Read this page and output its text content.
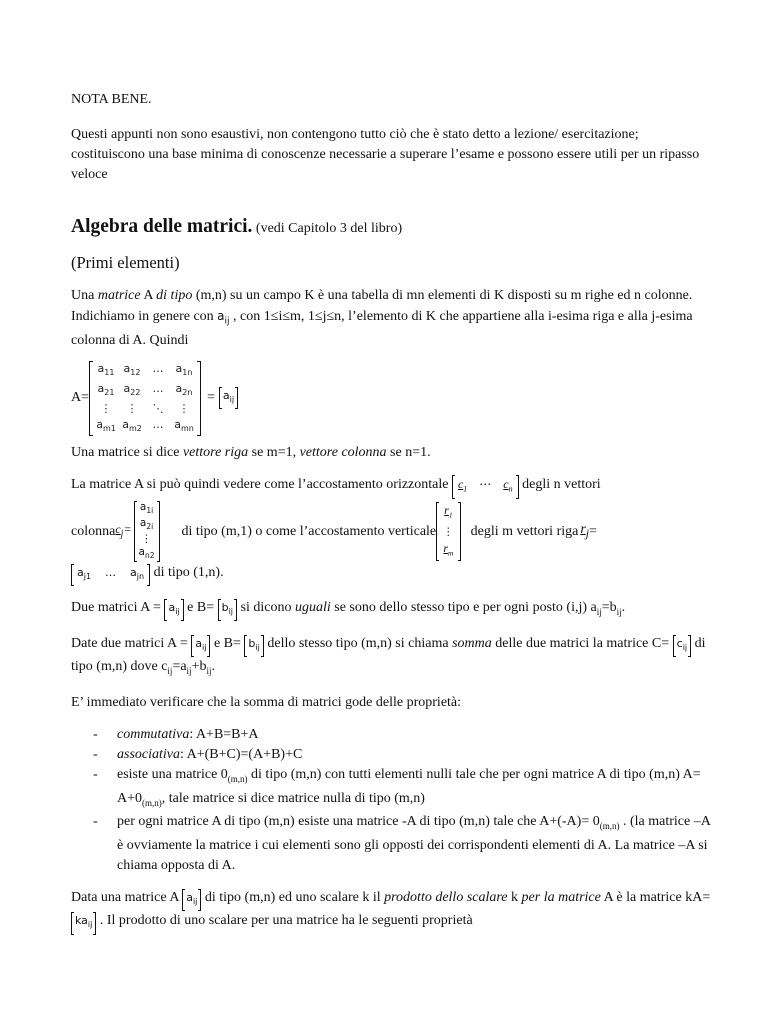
NOTA BENE.

Questi appunti non sono esaustivi, non contengono tutto ciò che è stato detto a lezione/ esercitazione; costituiscono una base minima di conoscenze necessarie a superare l’esame e possono essere utili per un ripasso veloce

Algebra delle matrici. (vedi Capitolo 3 del libro)

(Primi elementi)

Una matrice A di tipo (m,n) su un campo K è una tabella di mn elementi di K disposti su m righe ed n colonne. Indichiamo in genere con $a_{ij}$ , con 1≤i≤m, 1≤j≤n, l’elemento di K che appartiene alla i-esima riga e alla j-esima colonna di A. Quindi

A=
$a_{11}$ $a_{12}$	…	$a_{1n}$
$a_{21}$ $a_{22}$	…	$a_{2n}$
⋮	⋮	⋱	⋮
$a_{m1}$ $a_{m2}$ … $a_{mn}$
= $a_{ij}$

Una matrice si dice vettore riga se m=1, vettore colonna se n=1.

La matrice A si può quindi vedere come l’accostamento orizzontale $c_1$ ⋯ $c_n$ degli n vettori

colonna $c_j=$
$a_{1i}$
$a_{2i}$
⋮
$a_{n2}$
di tipo (m,1) o come l’accostamento verticale
$r_1$
⋮
$r_m$
degli m vettori riga $r_j$ =

$a_{j1}$    …    $a_{jn}$ di tipo (1,n).

Due matrici $A = a_{ij}$ e $B= b_{ij}$ si dicono uguali se sono dello stesso tipo e per ogni posto (i,j) $a_{ij}=b_{ij}$.

Date due matrici $A = a_{ij}$ e $B= b_{ij}$ dello stesso tipo (m,n) si chiama somma delle due matrici la matrice $C= c_{ij}$ di tipo (m,n) dove $c_{ij}=a_{ij}+b_{ij}$.

E’ immediato verificare che la somma di matrici gode delle proprietà:

- commutativa: A+B=B+A
- associativa: A+(B+C)=(A+B)+C
- esiste una matrice $0_{(m,n)}$ di tipo (m,n) con tutti elementi nulli tale che per ogni matrice A di tipo (m,n) $A= A+0_{(m,n)}$, tale matrice si dice matrice nulla di tipo (m,n)
- per ogni matrice A di tipo (m,n) esiste una matrice -A di tipo (m,n) tale che $A+(-A)= 0_{(m,n)}$ . (la matrice –A è ovviamente la matrice i cui elementi sono gli opposti dei corrispondenti elementi di A. La matrice –A si chiama opposta di A.

Data una matrice A $a_{ij}$ di tipo (m,n) ed uno scalare k il prodotto dello scalare k per la matrice A è la matrice $kA= ka_{ij}$ . Il prodotto di uno scalare per una matrice ha le seguenti proprietà
